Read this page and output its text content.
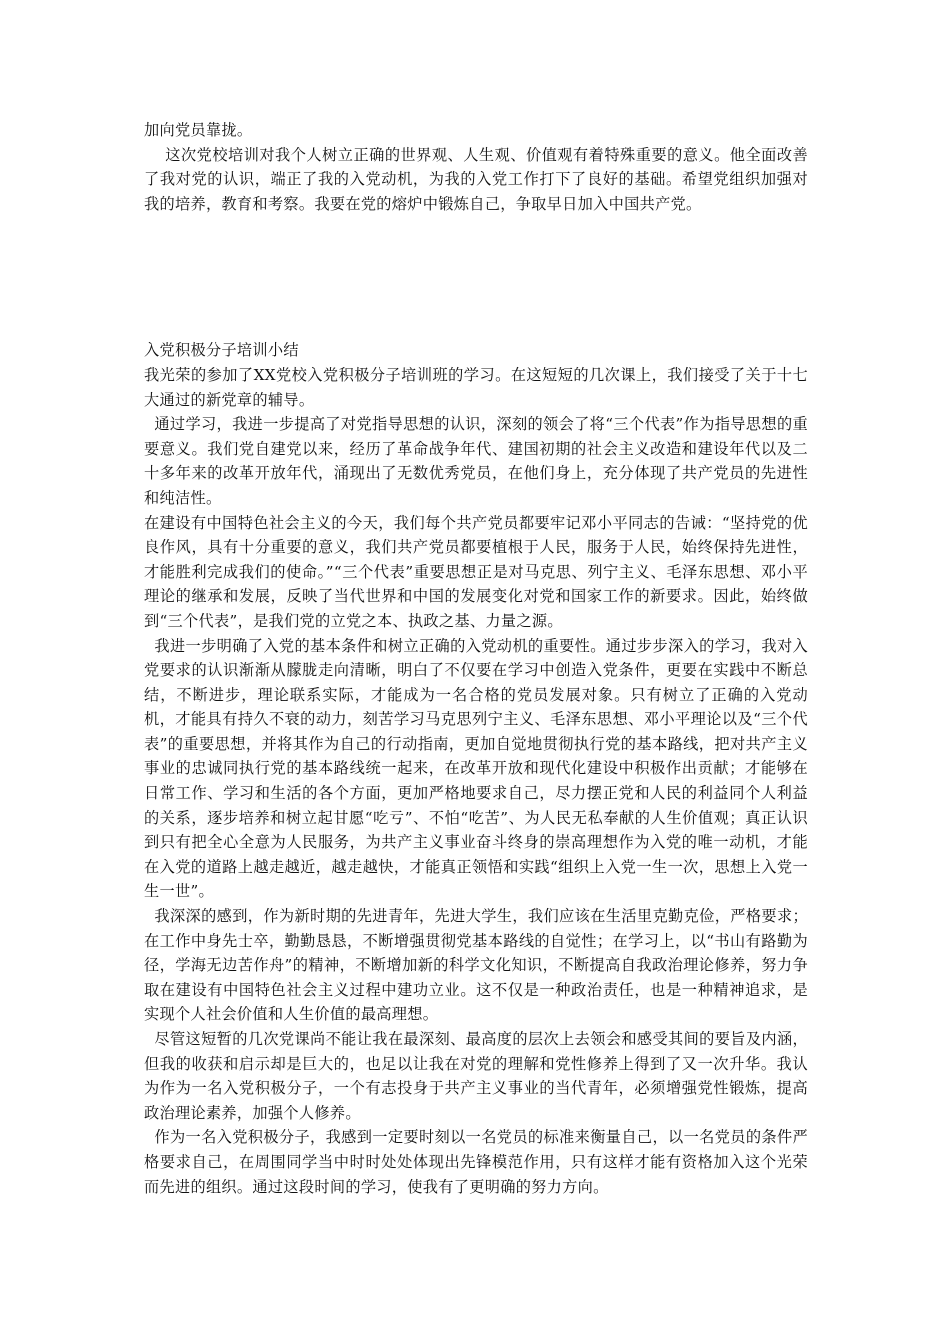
加向党员靠拢。

这次党校培训对我个人树立正确的世界观、人生观、价值观有着特殊重要的意义。他全面改善了我对党的认识，端正了我的入党动机，为我的入党工作打下了良好的基础。希望党组织加强对我的培养，教育和考察。我要在党的熔炉中锻炼自己，争取早日加入中国共产党。

入党积极分子培训小结

我光荣的参加了XX党校入党积极分子培训班的学习。在这短短的几次课上，我们接受了关于十七大通过的新党章的辅导。

通过学习，我进一步提高了对党指导思想的认识，深刻的领会了将“三个代表”作为指导思想的重要意义。我们党自建党以来，经历了革命战争年代、建国初期的社会主义改造和建设年代以及二十多年来的改革开放年代，涌现出了无数优秀党员，在他们身上，充分体现了共产党员的先进性和纯洁性。

在建设有中国特色社会主义的今天，我们每个共产党员都要牢记邓小平同志的告诫：“坚持党的优良作风，具有十分重要的意义，我们共产党员都要植根于人民，服务于人民，始终保持先进性，才能胜利完成我们的使命。”“三个代表”重要思想正是对马克思、列宁主义、毛泽东思想、邓小平理论的继承和发展，反映了当代世界和中国的发展变化对党和国家工作的新要求。因此，始终做到“三个代表”，是我们党的立党之本、执政之基、力量之源。

我进一步明确了入党的基本条件和树立正确的入党动机的重要性。通过步步深入的学习，我对入党要求的认识渐渐从朦胧走向清晰，明白了不仅要在学习中创造入党条件，更要在实践中不断总结，不断进步，理论联系实际，才能成为一名合格的党员发展对象。只有树立了正确的入党动机，才能具有持久不衰的动力，刻苦学习马克思列宁主义、毛泽东思想、邓小平理论以及“三个代表”的重要思想，并将其作为自己的行动指南，更加自觉地贯彻执行党的基本路线，把对共产主义事业的忠诚同执行党的基本路线统一起来，在改革开放和现代化建设中积极作出贡献；才能够在日常工作、学习和生活的各个方面，更加严格地要求自己，尽力摆正党和人民的利益同个人利益的关系，逐步培养和树立起甘愿“吃亏”、不怕“吃苦”、为人民无私奉献的人生价值观；真正认识到只有把全心全意为人民服务，为共产主义事业奋斗终身的崇高理想作为入党的唯一动机，才能在入党的道路上越走越近，越走越快，才能真正领悟和实践“组织上入党一生一次，思想上入党一生一世”。

我深深的感到，作为新时期的先进青年，先进大学生，我们应该在生活里克勤克俭，严格要求；在工作中身先士卒，勤勤恳恳，不断增强贯彻党基本路线的自觉性；在学习上，以“书山有路勤为径，学海无边苦作舟”的精神，不断增加新的科学文化知识，不断提高自我政治理论修养，努力争取在建设有中国特色社会主义过程中建功立业。这不仅是一种政治责任，也是一种精神追求，是实现个人社会价值和人生价值的最高理想。

尽管这短暂的几次党课尚不能让我在最深刻、最高度的层次上去领会和感受其间的要旨及内涵，但我的收获和启示却是巨大的，也足以让我在对党的理解和党性修养上得到了又一次升华。我认为作为一名入党积极分子，一个有志投身于共产主义事业的当代青年，必须增强党性锻炼，提高政治理论素养，加强个人修养。

作为一名入党积极分子，我感到一定要时刻以一名党员的标准来衡量自己，以一名党员的条件严格要求自己，在周围同学当中时时处处体现出先锋模范作用，只有这样才能有资格加入这个光荣而先进的组织。通过这段时间的学习，使我有了更明确的努力方向。
